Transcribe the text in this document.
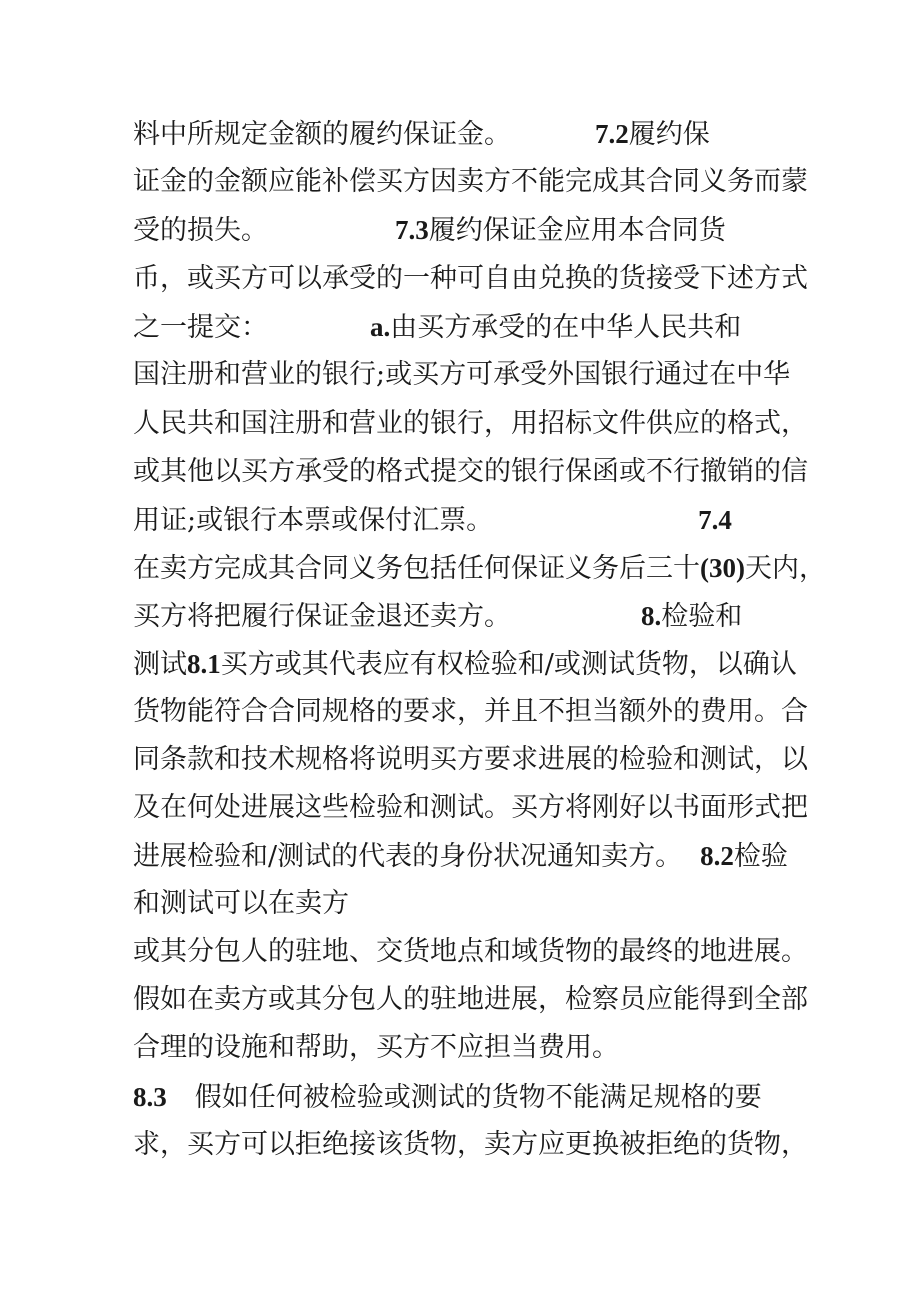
料中所规定金额的履约保证金。	7.2履约保
证金的金额应能补偿买方因卖方不能完成其合同义务而蒙
受的损失。	7.3履约保证金应用本合同货
币，或买方可以承受的一种可自由兑换的货接受下述方式
之一提交：	a.由买方承受的在中华人民共和
国注册和营业的银行;或买方可承受外国银行通过在中华
人民共和国注册和营业的银行，用招标文件供应的格式，
或其他以买方承受的格式提交的银行保函或不行撤销的信
用证;或银行本票或保付汇票。	7.4
在卖方完成其合同义务包括任何保证义务后三十(30)天内，
买方将把履行保证金退还卖方。	8.检验和
测试8.1买方或其代表应有权检验和/或测试货物，以确认
货物能符合合同规格的要求，并且不担当额外的费用。合
同条款和技术规格将说明买方要求进展的检验和测试，以
及在何处进展这些检验和测试。买方将刚好以书面形式把
进展检验和/测试的代表的身份状况通知卖方。 8.2检验
和测试可以在卖方
或其分包人的驻地、交货地点和域货物的最终的地进展。
假如在卖方或其分包人的驻地进展，检察员应能得到全部
合理的设施和帮助，买方不应担当费用。
8.3 假如任何被检验或测试的货物不能满足规格的要
求，买方可以拒绝接该货物，卖方应更换被拒绝的货物，
